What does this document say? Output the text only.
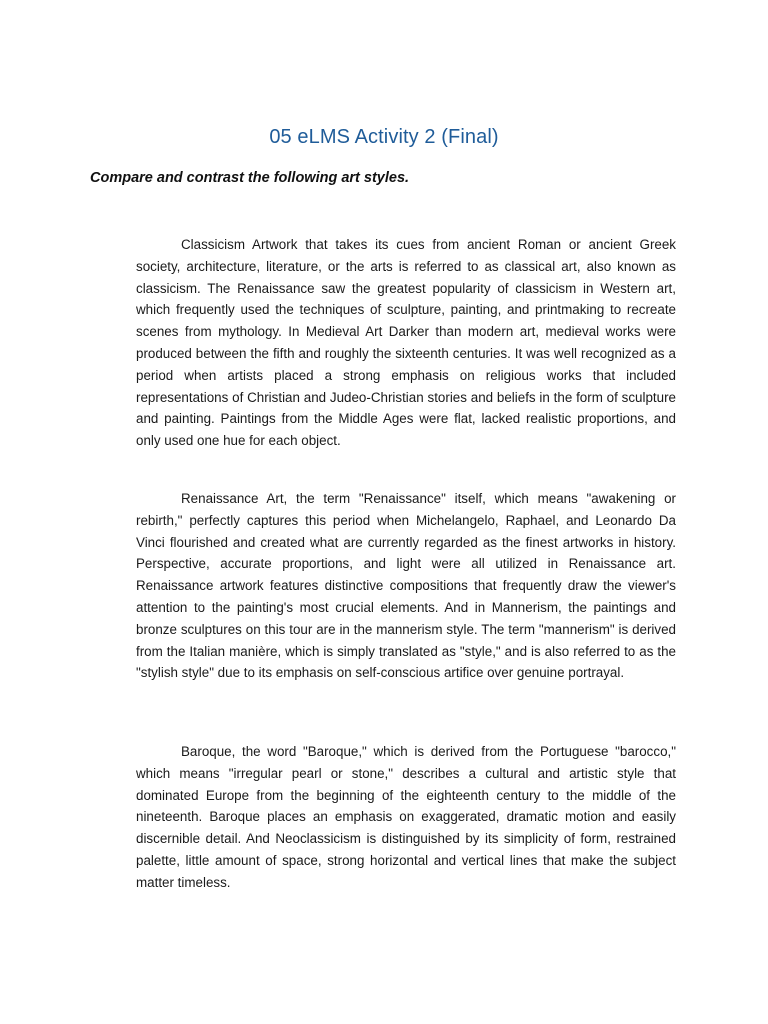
05 eLMS Activity 2 (Final)

Compare and contrast the following art styles.

Classicism Artwork that takes its cues from ancient Roman or ancient Greek society, architecture, literature, or the arts is referred to as classical art, also known as classicism. The Renaissance saw the greatest popularity of classicism in Western art, which frequently used the techniques of sculpture, painting, and printmaking to recreate scenes from mythology. In Medieval Art Darker than modern art, medieval works were produced between the fifth and roughly the sixteenth centuries. It was well recognized as a period when artists placed a strong emphasis on religious works that included representations of Christian and Judeo-Christian stories and beliefs in the form of sculpture and painting. Paintings from the Middle Ages were flat, lacked realistic proportions, and only used one hue for each object.

Renaissance Art, the term "Renaissance" itself, which means "awakening or rebirth," perfectly captures this period when Michelangelo, Raphael, and Leonardo Da Vinci flourished and created what are currently regarded as the finest artworks in history. Perspective, accurate proportions, and light were all utilized in Renaissance art. Renaissance artwork features distinctive compositions that frequently draw the viewer's attention to the painting's most crucial elements. And in Mannerism, the paintings and bronze sculptures on this tour are in the mannerism style. The term "mannerism" is derived from the Italian manière, which is simply translated as "style," and is also referred to as the "stylish style" due to its emphasis on self-conscious artifice over genuine portrayal.

Baroque, the word "Baroque," which is derived from the Portuguese "barocco," which means "irregular pearl or stone," describes a cultural and artistic style that dominated Europe from the beginning of the eighteenth century to the middle of the nineteenth. Baroque places an emphasis on exaggerated, dramatic motion and easily discernible detail. And Neoclassicism is distinguished by its simplicity of form, restrained palette, little amount of space, strong horizontal and vertical lines that make the subject matter timeless.
